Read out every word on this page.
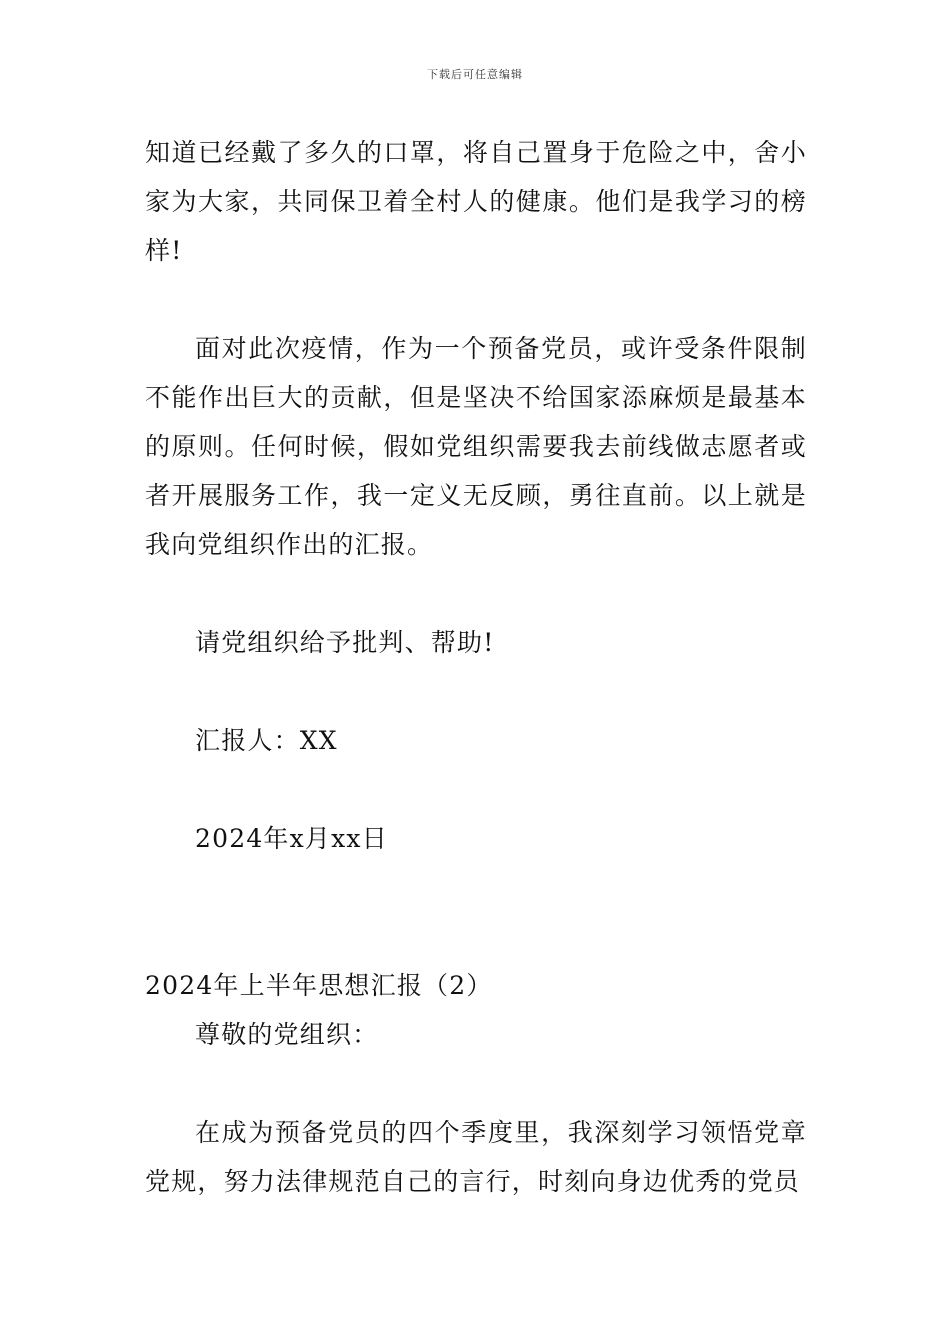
下载后可任意编辑

知道已经戴了多久的口罩，将自己置身于危险之中，舍小家为大家，共同保卫着全村人的健康。他们是我学习的榜样!

面对此次疫情，作为一个预备党员，或许受条件限制不能作出巨大的贡献，但是坚决不给国家添麻烦是最基本的原则。任何时候，假如党组织需要我去前线做志愿者或者开展服务工作，我一定义无反顾，勇往直前。以上就是我向党组织作出的汇报。

请党组织给予批判、帮助!

汇报人：XX

2024年x月xx日

2024年上半年思想汇报（2）

尊敬的党组织：

在成为预备党员的四个季度里，我深刻学习领悟党章党规，努力法律规范自己的言行，时刻向身边优秀的党员
